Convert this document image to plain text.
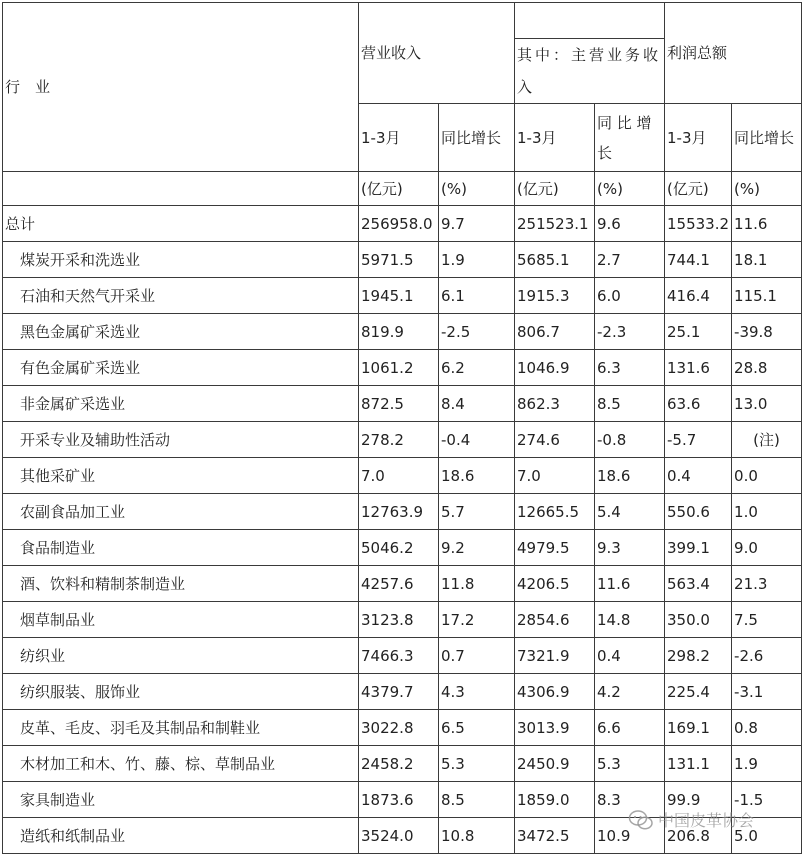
行　业	营业收入				利润总额	
			其中：主营业务收入			
	1-3月	同比增长	1-3月	同 比 增 长	1-3月	同比增长
	(亿元)	(%)	(亿元)	(%)	(亿元)	(%)
总计	256958.0	9.7	251523.1	9.6	15533.2	11.6
煤炭开采和洗选业	5971.5	1.9	5685.1	2.7	744.1	18.1
石油和天然气开采业	1945.1	6.1	1915.3	6.0	416.4	115.1
黑色金属矿采选业	819.9	-2.5	806.7	-2.3	25.1	-39.8
有色金属矿采选业	1061.2	6.2	1046.9	6.3	131.6	28.8
非金属矿采选业	872.5	8.4	862.3	8.5	63.6	13.0
开采专业及辅助性活动	278.2	-0.4	274.6	-0.8	-5.7	(注)
其他采矿业	7.0	18.6	7.0	18.6	0.4	0.0
农副食品加工业	12763.9	5.7	12665.5	5.4	550.6	1.0
食品制造业	5046.2	9.2	4979.5	9.3	399.1	9.0
酒、饮料和精制茶制造业	4257.6	11.8	4206.5	11.6	563.4	21.3
烟草制品业	3123.8	17.2	2854.6	14.8	350.0	7.5
纺织业	7466.3	0.7	7321.9	0.4	298.2	-2.6
纺织服装、服饰业	4379.7	4.3	4306.9	4.2	225.4	-3.1
皮革、毛皮、羽毛及其制品和制鞋业	3022.8	6.5	3013.9	6.6	169.1	0.8
木材加工和木、竹、藤、棕、草制品业	2458.2	5.3	2450.9	5.3	131.1	1.9
家具制造业	1873.6	8.5	1859.0	8.3	99.9	-1.5
造纸和纸制品业	3524.0	10.8	3472.5	10.9	206.8	5.0
中国皮革协会
